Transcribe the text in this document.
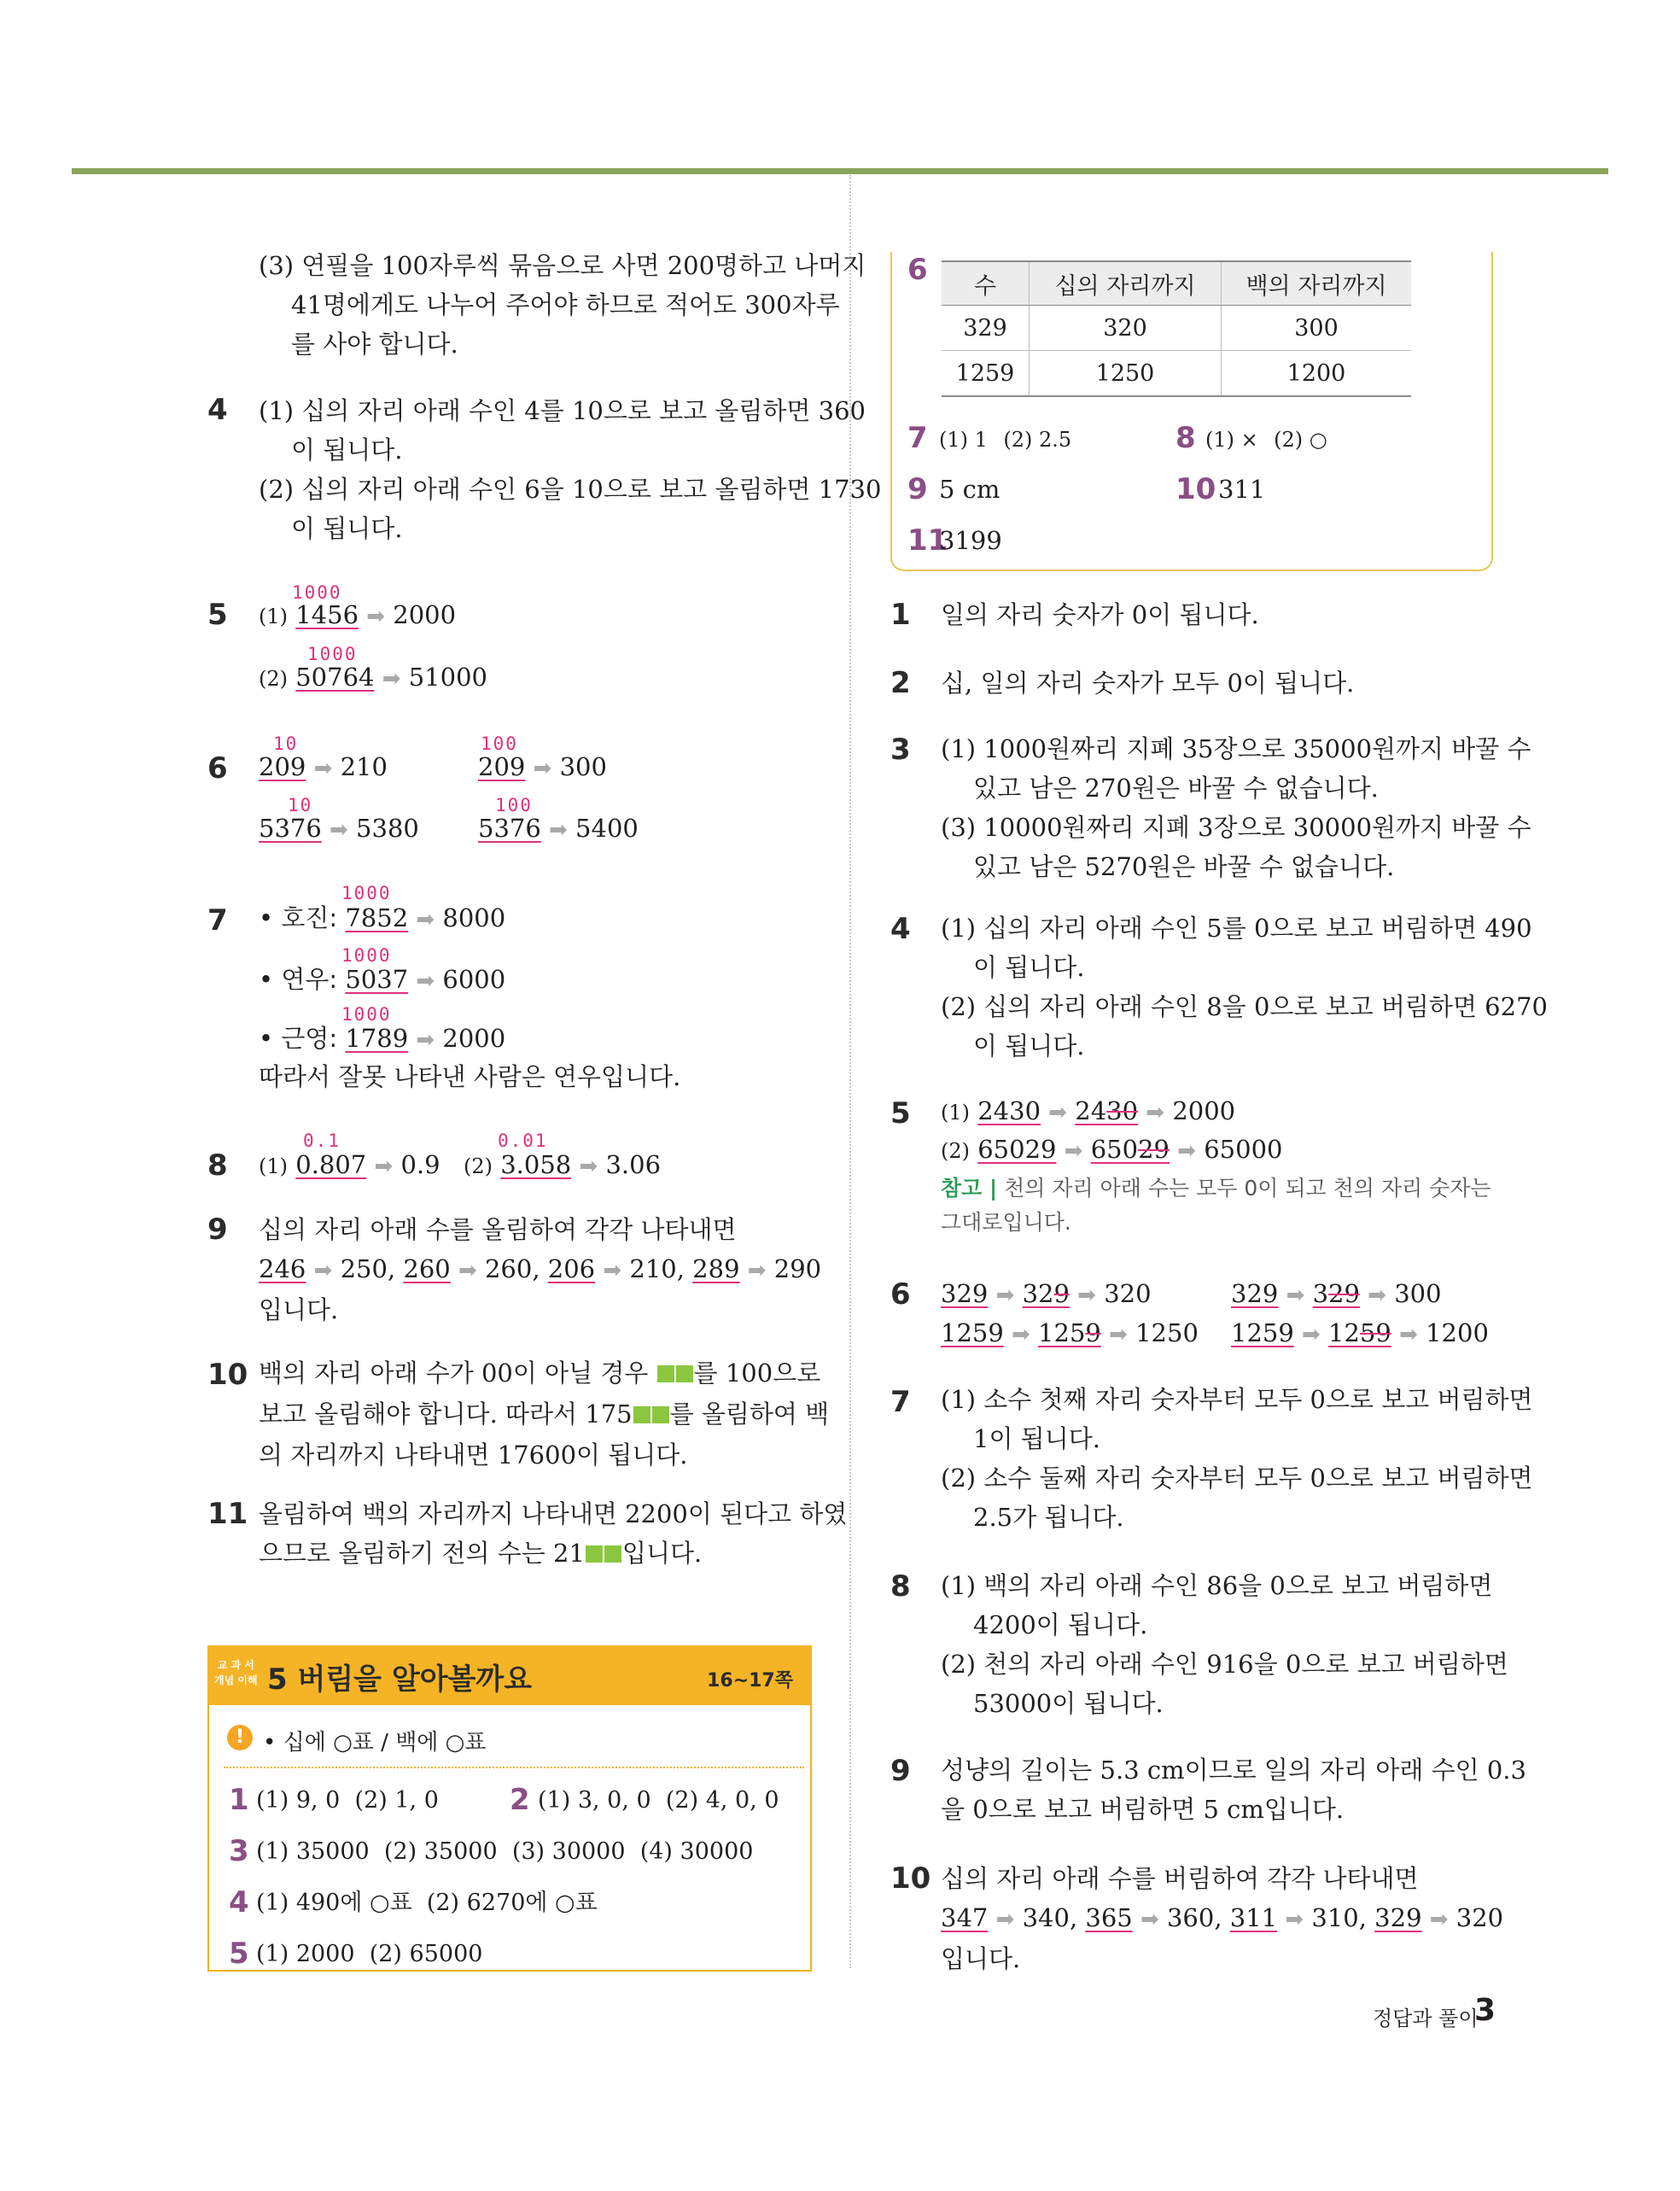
(3) 연필을 100자루씩 묶음으로 사면 200명하고 나머지
41명에게도 나누어 주어야 하므로 적어도 300자루
를 사야 합니다.
4 (1) 십의 자리 아래 수인 4를 10으로 보고 올림하면 360
이 됩니다.
(2) 십의 자리 아래 수인 6을 10으로 보고 올림하면 1730
이 됩니다.
5
1000
(1) 1456 ➡ 2000
1000
(2) 50764 ➡ 51000
6
10
209 ➡ 210
100
209 ➡ 300
10
5376 ➡ 5380
100
5376 ➡ 5400
7
1000
• 호진: 7852 ➡ 8000
1000
• 연우: 5037 ➡ 6000
1000
• 근영: 1789 ➡ 2000
따라서 잘못 나타낸 사람은 연우입니다.
8
0.1
(1) 0.807 ➡ 0.9
0.01
(2) 3.058 ➡ 3.06
9 십의 자리 아래 수를 올림하여 각각 나타내면
246 ➡ 250, 260 ➡ 260, 206 ➡ 210, 289 ➡ 290
입니다.
10 백의 자리 아래 수가 00이 아닐 경우 를 100으로
보고 올림해야 합니다. 따라서 175 를 올림하여 백
의 자리까지 나타내면 17600이 됩니다.
11 올림하여 백의 자리까지 나타내면 2200이 된다고 하였
으므로 올림하기 전의 수는 21 입니다.
교 과 서
개념 이해 5 버림을 알아볼까요	16~17쪽
! • 십에 ○표 / 백에 ○표
1 (1) 9, 0 (2) 1, 0 2 (1) 3, 0, 0 (2) 4, 0, 0
3 (1) 35000 (2) 35000 (3) 30000 (4) 30000
4 (1) 490에 ○표 (2) 6270에 ○표
5 (1) 2000 (2) 65000
6 수	십의 자리까지	백의 자리까지
329	320	300
1259	1250	1200
7 (1) 1 (2) 2.5	8 (1) × (2) ○
9 5 cm	10 311
11
3199
1 일의 자리 숫자가 0이 됩니다.
2 십, 일의 자리 숫자가 모두 0이 됩니다.
3 (1) 1000원짜리 지폐 35장으로 35000원까지 바꿀 수
있고 남은 270원은 바꿀 수 없습니다.
(3) 10000원짜리 지폐 3장으로 30000원까지 바꿀 수
있고 남은 5270원은 바꿀 수 없습니다.
4 (1) 십의 자리 아래 수인 5를 0으로 보고 버림하면 490
이 됩니다.
(2) 십의 자리 아래 수인 8을 0으로 보고 버림하면 6270
이 됩니다.
5 (1) 2430 ➡ 2430 ➡ 2000
(2) 65029 ➡ 65029 ➡ 65000
참고 | 천의 자리 아래 수는 모두 0이 되고 천의 자리 숫자는
그대로입니다.
6 329 ➡ 329 ➡ 320	329 ➡ 329 ➡ 300
1259 ➡ 1259 ➡ 1250 1259 ➡ 1259 ➡ 1200
7 (1) 소수 첫째 자리 숫자부터 모두 0으로 보고 버림하면
1이 됩니다.
(2) 소수 둘째 자리 숫자부터 모두 0으로 보고 버림하면
2.5가 됩니다.
8 (1) 백의 자리 아래 수인 86을 0으로 보고 버림하면
4200이 됩니다.
(2) 천의 자리 아래 수인 916을 0으로 보고 버림하면
53000이 됩니다.
9 성냥의 길이는 5.3 cm이므로 일의 자리 아래 수인 0.3
을 0으로 보고 버림하면 5 cm입니다.
10 십의 자리 아래 수를 버림하여 각각 나타내면
347 ➡ 340, 365 ➡ 360, 311 ➡ 310, 329 ➡ 320
입니다.
정답과 풀이
3
